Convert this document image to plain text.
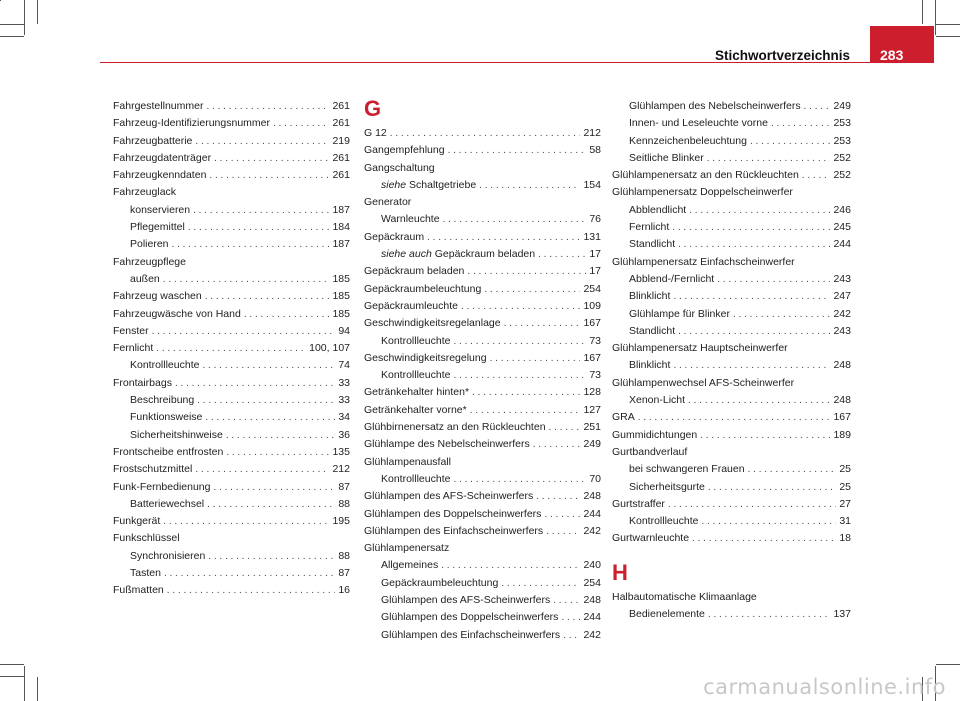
Stichwortverzeichnis	283
Fahrgestellnummer . . .	261
Fahrzeug-Identifizierungsnummer . . .	261
Fahrzeugbatterie . . .	219
Fahrzeugdatenträger . . .	261
Fahrzeugkenndaten . . .	261
Fahrzeuglack
konservieren . . .	187
Pflegemittel . . .	184
Polieren . . .	187
Fahrzeugpflege
außen . . .	185
Fahrzeug waschen . . .	185
Fahrzeugwäsche von Hand . . .	185
Fenster . . .	94
Fernlicht . . .	100, 107
Kontrollleuchte . . .	74
Frontairbags . . .	33
Beschreibung . . .	33
Funktionsweise . . .	34
Sicherheitshinweise . . .	36
Frontscheibe entfrosten . . .	135
Frostschutzmittel . . .	212
Funk-Fernbedienung . . .	87
Batteriewechsel . . .	88
Funkgerät . . .	195
Funkschlüssel
Synchronisieren . . .	88
Tasten . . .	87
Fußmatten . . .	16
G
G 12 . . .	212
Gangempfehlung . . .	58
Gangschaltung
siehe Schaltgetriebe . . .	154
Generator
Warnleuchte . . .	76
Gepäckraum . . .	131
siehe auch Gepäckraum beladen . . .	17
Gepäckraum beladen . . .	17
Gepäckraumbeleuchtung . . .	254
Gepäckraumleuchte . . .	109
Geschwindigkeitsregelanlage . . .	167
Kontrollleuchte . . .	73
Geschwindigkeitsregelung . . .	167
Kontrollleuchte . . .	73
Getränkehalter hinten* . . .	128
Getränkehalter vorne* . . .	127
Glühbirnenersatz an den Rückleuchten . . .	251
Glühlampe des Nebelscheinwerfers . . .	249
Glühlampenausfall
Kontrollleuchte . . .	70
Glühlampen des AFS-Scheinwerfers . . .	248
Glühlampen des Doppelscheinwerfers . . .	244
Glühlampen des Einfachscheinwerfers . . .	242
Glühlampenersatz
Allgemeines . . .	240
Gepäckraumbeleuchtung . . .	254
Glühlampen des AFS-Scheinwerfers . . .	248
Glühlampen des Doppelscheinwerfers . . . 244
Glühlampen des Einfachscheinwerfers . . . 242
Glühlampen des Nebelscheinwerfers . . .	249
Innen- und Leseleuchte vorne . . .	253
Kennzeichenbeleuchtung . . .	253
Seitliche Blinker . . .	252
Glühlampenersatz an den Rückleuchten . . .	252
Glühlampenersatz Doppelscheinwerfer
Abblendlicht . . .	246
Fernlicht . . .	245
Standlicht . . .	244
Glühlampenersatz Einfachscheinwerfer
Abblend-/Fernlicht . . .	243
Blinklicht . . .	247
Glühlampe für Blinker . . .	242
Standlicht . . .	243
Glühlampenersatz Hauptscheinwerfer
Blinklicht . . .	248
Glühlampenwechsel AFS-Scheinwerfer
Xenon-Licht . . .	248
GRA . . .	167
Gummidichtungen . . .	189
Gurtbandverlauf
bei schwangeren Frauen . . .	25
Sicherheitsgurte . . .	25
Gurtstraffer . . .	27
Kontrollleuchte . . .	31
Gurtwarnleuchte . . .	18
H
Halbautomatische Klimaanlage
Bedienelemente . . .	137
carmanualsonline.info
